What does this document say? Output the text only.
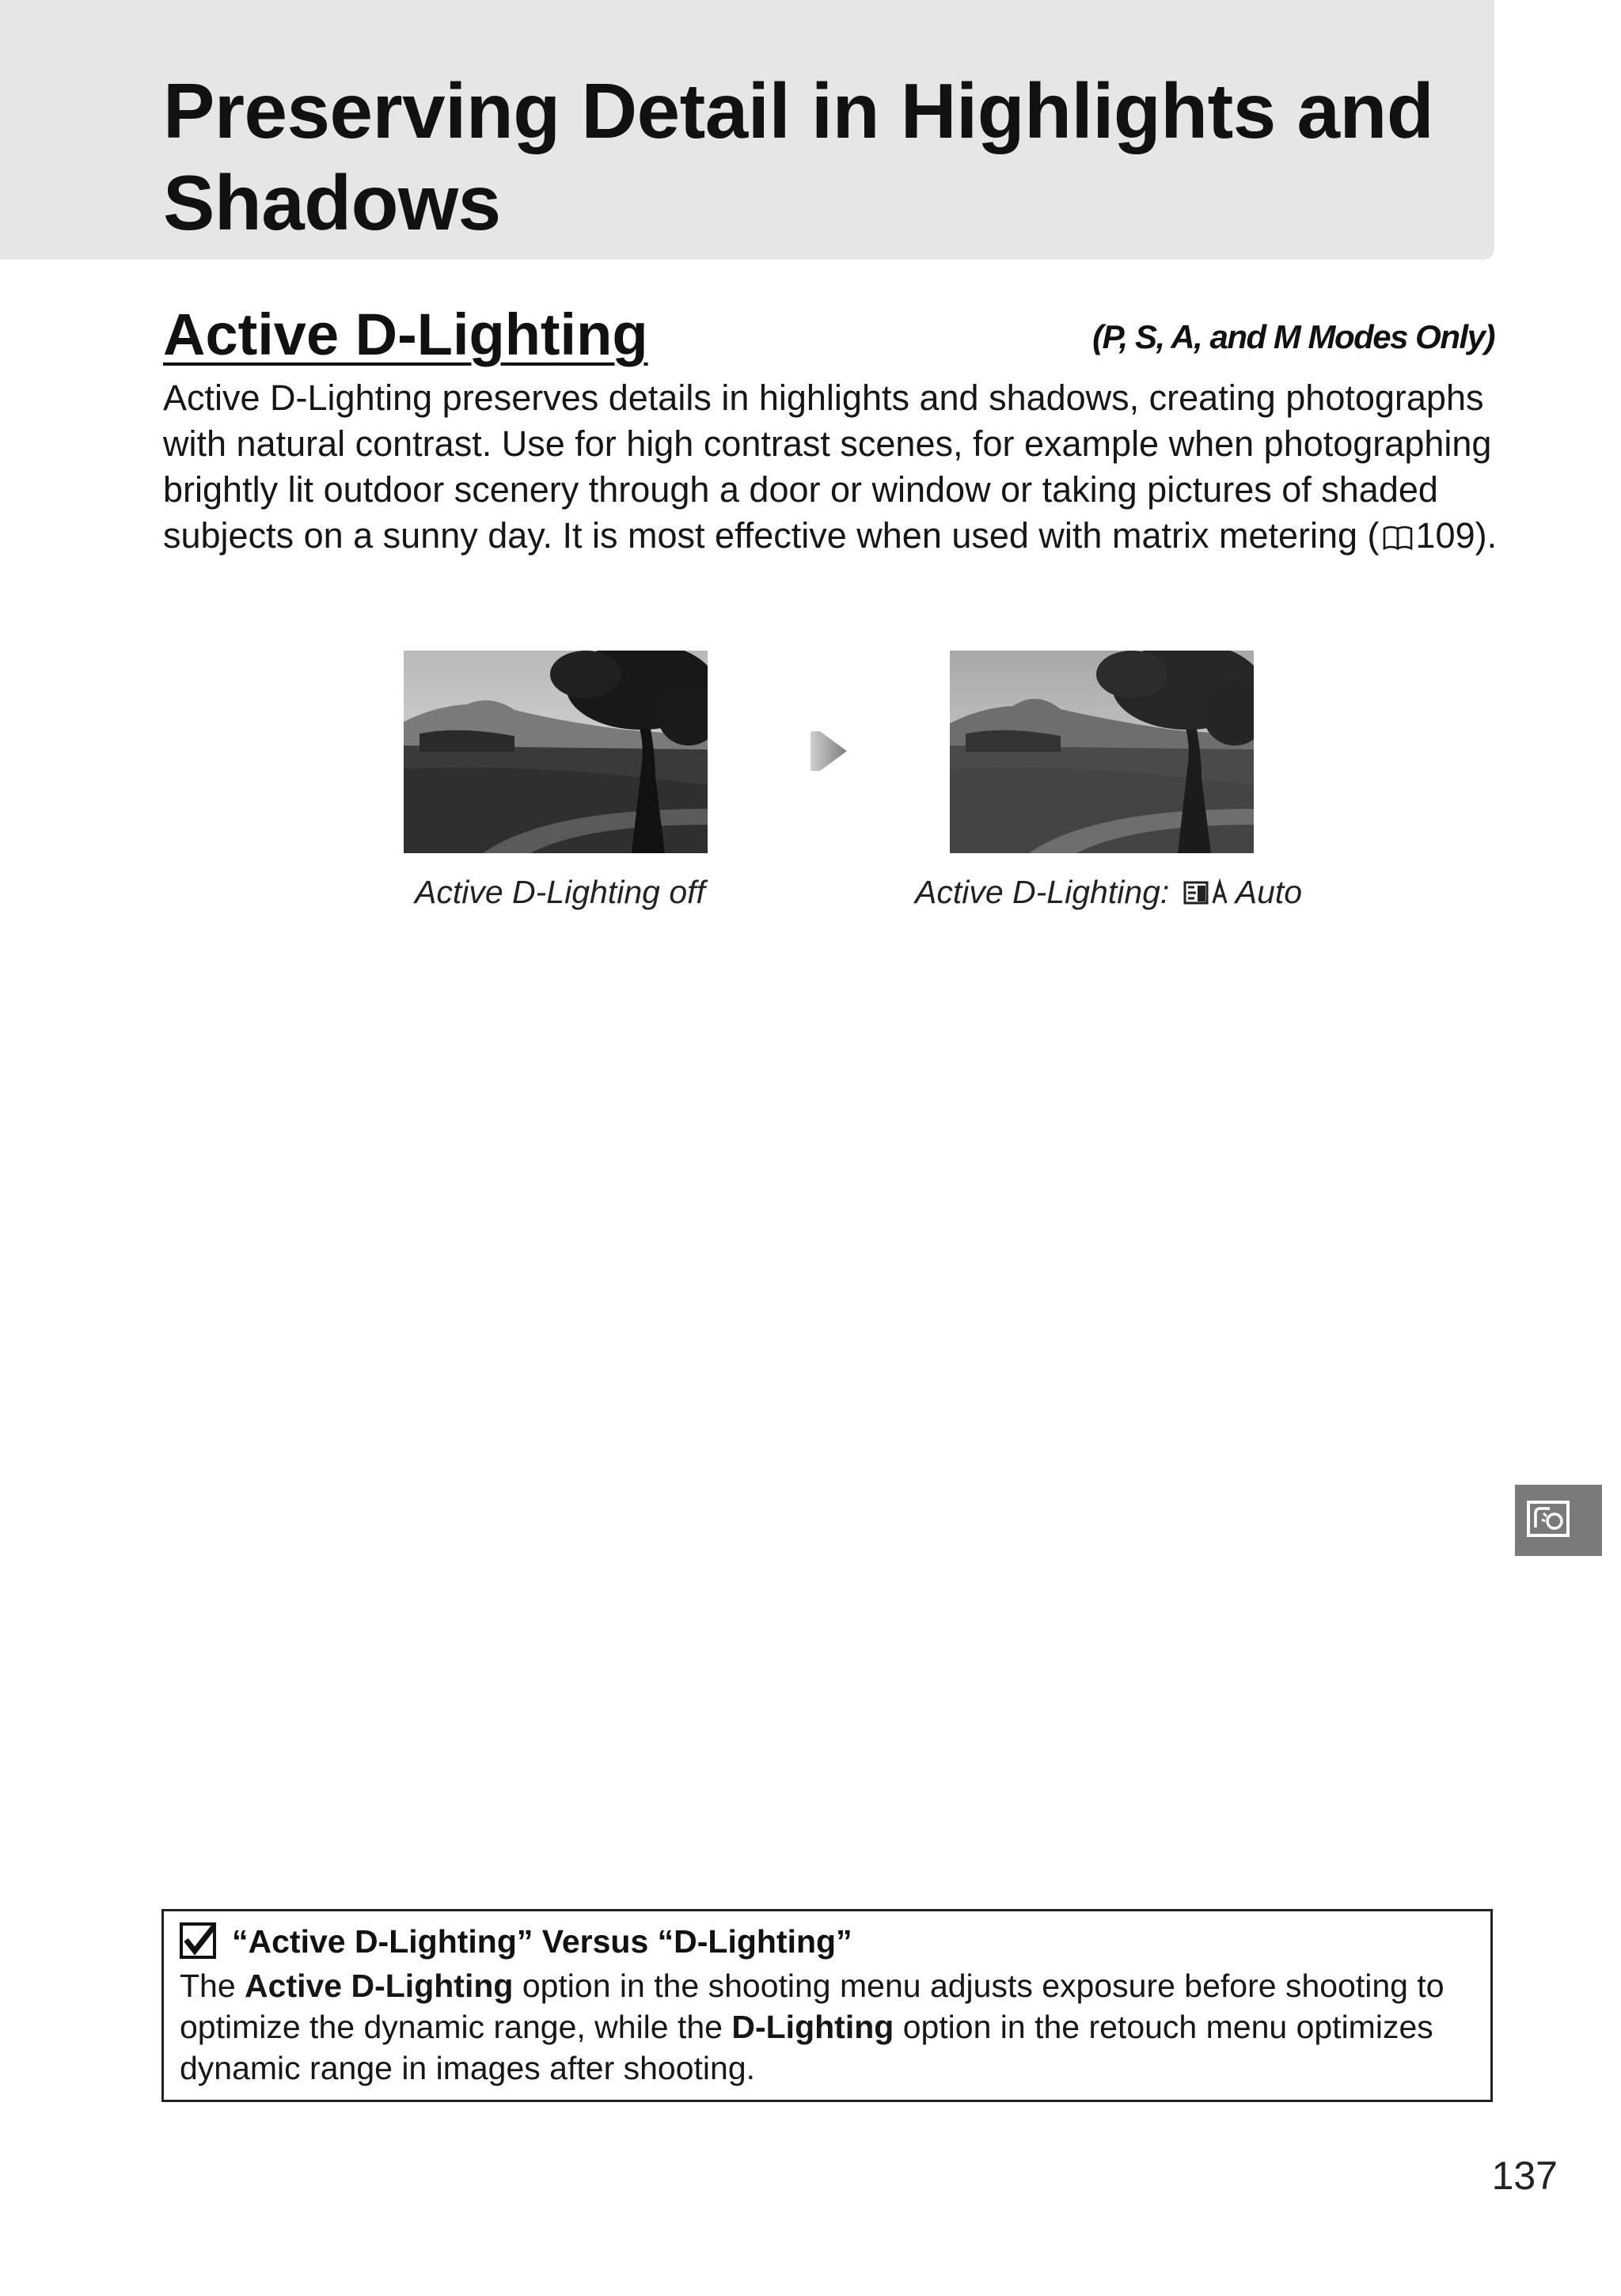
Preserving Detail in Highlights and Shadows
Active D-Lighting	(P, S, A, and M Modes Only)

Active D-Lighting preserves details in highlights and shadows, creating photographs with natural contrast. Use for high contrast scenes, for example when photographing brightly lit outdoor scenery through a door or window or taking pictures of shaded subjects on a sunny day. It is most effective when used with matrix metering ( 109).

Active D-Lighting off	Active D-Lighting: Auto
“Active D-Lighting” Versus “D-Lighting”

The Active D-Lighting option in the shooting menu adjusts exposure before shooting to optimize the dynamic range, while the D-Lighting option in the retouch menu optimizes dynamic range in images after shooting.

137
